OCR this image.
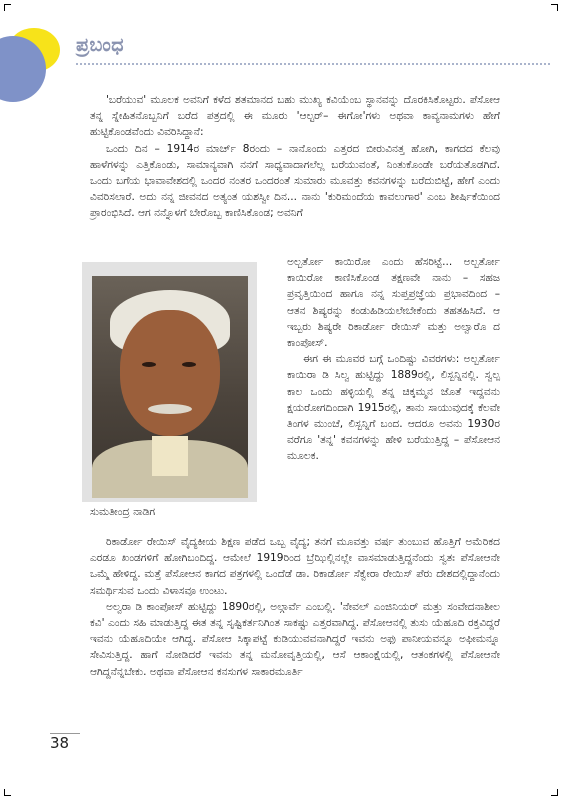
ಪ್ರಬಂಧ

'ಬರೆಯುವ' ಮೂಲಕ ಅವನಿಗೆ ಕಳೆದ ಶತಮಾನದ ಬಹು ಮುಖ್ಯ ಕವಿಯೆಂಬ ಸ್ಥಾನವನ್ನು ದೊರಕಿಸಿಕೊಟ್ಟರು. ಪೆಸೋಆ ತನ್ನ ಸ್ನೇಹಿತನೊಬ್ಬನಿಗೆ ಬರೆದ ಪತ್ರದಲ್ಲಿ ಈ ಮೂರು 'ಆಲ್ಟರ್– ಈಗೋ'ಗಳು ಅಥವಾ ಕಾವ್ಯನಾಮಗಳು ಹೇಗೆ ಹುಟ್ಟಿಕೊಂಡವೆಂದು ವಿವರಿಸಿದ್ದಾನೆ:

ಒಂದು ದಿನ – 1914ರ ಮಾರ್ಚ್ 8ರಂದು – ನಾನೊಂದು ಎತ್ತರದ ಬೀರುವಿನತ್ತ ಹೋಗಿ, ಕಾಗದದ ಕೆಲವು ಹಾಳೆಗಳನ್ನು ಎತ್ತಿಕೊಂಡು, ಸಾಮಾನ್ಯವಾಗಿ ನನಗೆ ಸಾಧ್ಯವಾದಾಗಲೆಲ್ಲ ಬರೆಯುವಂತೆ, ನಿಂತುಕೊಂಡೇ ಬರೆಯತೊಡಗಿದೆ. ಒಂದು ಬಗೆಯ ಭಾವಾವೇಶದಲ್ಲಿ ಒಂದರ ನಂತರ ಒಂದರಂತೆ ಸುಮಾರು ಮೂವತ್ತು ಕವನಗಳನ್ನು ಬರೆದುಬಿಟ್ಟೆ, ಹೇಗೆ ಎಂದು ವಿವರಿಸಲಾರೆ. ಅದು ನನ್ನ ಜೀವನದ ಅತ್ಯಂತ ಯಶಸ್ವೀ ದಿನ... ನಾನು 'ಕುರಿಮಂದೆಯ ಕಾವಲುಗಾರ' ಎಂಬ ಶೀರ್ಷಿಕೆಯಿಂದ ಪ್ರಾರಂಭಿಸಿದೆ. ಆಗ ನನ್ನೊಳಗೆ ಬೇರೊಬ್ಬ ಕಾಣಿಸಿಕೊಂಡ; ಅವನಿಗೆ

ಸುಮತೀಂದ್ರ ನಾಡಿಗ

ಅಲ್ಬರ್ತೋ ಕಾಯಿರೋ ಎಂದು ಹೆಸರಿಟ್ಟೆ... ಅಲ್ಬರ್ತೋ ಕಾಯಿರೋ ಕಾಣಿಸಿಕೊಂಡ ತಕ್ಷಣವೇ ನಾನು – ಸಹಜ ಪ್ರವೃತ್ತಿಯಿಂದ ಹಾಗೂ ನನ್ನ ಸುಪ್ತಪ್ರಜ್ಞೆಯ ಪ್ರಭಾವದಿಂದ – ಆತನ ಶಿಷ್ಯರನ್ನು ಕಂಡುಹಿಡಿಯಲೇಬೇಕೆಂದು ತಹತಹಿಸಿದೆ. ಆ ಇಬ್ಬರು ಶಿಷ್ಯರೇ ರಿಕಾರ್ಡೋ ರೇಯಿಸ್ ಮತ್ತು ಅಲ್ವಾರೊ ದ ಕಾಂಪೋಸ್.

ಈಗ ಈ ಮೂವರ ಬಗ್ಗೆ ಒಂದಿಷ್ಟು ವಿವರಗಳು: ಅಲ್ಬರ್ತೋ ಕಾಯಿರಾ ಡಿ ಸಿಲ್ವ ಹುಟ್ಟಿದ್ದು 1889ರಲ್ಲಿ, ಲಿಸ್ಬನ್ನಿನಲ್ಲಿ. ಸ್ವಲ್ಪ ಕಾಲ ಒಂದು ಹಳ್ಳಿಯಲ್ಲಿ ತನ್ನ ಚಿಕ್ಕಮ್ಮನ ಜೊತೆ ಇದ್ದವನು ಕ್ಷಯರೋಗದಿಂದಾಗಿ 1915ರಲ್ಲಿ, ತಾನು ಸಾಯುವುದಕ್ಕೆ ಕೆಲವೇ ತಿಂಗಳ ಮುಂಚೆ, ಲಿಸ್ಬನ್ನಿಗೆ ಬಂದ. ಆದರೂ ಅವನು 1930ರ ವರೆಗೂ 'ತನ್ನ' ಕವನಗಳನ್ನು ಹೇಳಿ ಬರೆಯುತ್ತಿದ್ದ – ಪೆಸೋಆನ ಮೂಲಕ.

ರಿಕಾರ್ಡೋ ರೇಯಿಸ್ ವೈದ್ಯಕೀಯ ಶಿಕ್ಷಣ ಪಡೆದ ಒಬ್ಬ ವೈದ್ಯ; ತನಗೆ ಮೂವತ್ತು ವರ್ಷ ತುಂಬುವ ಹೊತ್ತಿಗೆ ಅಮೆರಿಕದ ಎರಡೂ ಖಂಡಗಳಿಗೆ ಹೋಗಿಬಂದಿದ್ದ. ಆಮೇಲೆ 1919ರಿಂದ ಬ್ರೆಝಿಲ್ಲಿನಲ್ಲೇ ವಾಸಮಾಡುತ್ತಿದ್ದನೆಂದು ಸ್ವತಃ ಪೆಸೋಆನೇ ಒಮ್ಮೆ ಹೇಳಿದ್ದ. ಮತ್ತೆ ಪೆಸೋಆನ ಕಾಗದ ಪತ್ರಗಳಲ್ಲಿ ಒಂದೆಡೆ ಡಾ. ರಿಕಾರ್ಡೋ ಸೆಕ್ವೇರಾ ರೇಯಿಸ್ ಪೆರು ದೇಶದಲ್ಲಿದ್ದಾನೆಂದು ಸಮರ್ಥಿಸುವ ಒಂದು ವಿಳಾಸವೂ ಉಂಟು.

ಅಲ್ವರಾ ಡಿ ಕಾಂಪೋಸ್ ಹುಟ್ಟಿದ್ದು 1890ರಲ್ಲಿ, ಅಲ್ಗಾರ್ವೆ ಎಂಬಲ್ಲಿ. 'ನೇವಲ್ ಎಂಜಿನಿಯರ್ ಮತ್ತು ಸಂವೇದನಾಶೀಲ ಕವಿ' ಎಂದು ಸಹಿ ಮಾಡುತ್ತಿದ್ದ ಈತ ತನ್ನ ಸೃಷ್ಟಿಕರ್ತನಿಗಿಂತ ಸಾಕಷ್ಟು ಎತ್ತರವಾಗಿದ್ದ. ಪೆಸೋಆನಲ್ಲಿ ತುಸು ಯೆಹೂದಿ ರಕ್ತವಿದ್ದರೆ ಇವನು ಯೆಹೂದಿಯೇ ಆಗಿದ್ದ. ಪೆಸೋಆ ಸಿಕ್ಕಾಪಟ್ಟೆ ಕುಡಿಯುವವನಾಗಿದ್ದರೆ ಇವನು ಅಫು ಪಾನೀಯವನ್ನೂ ಅಫೀಮನ್ನೂ ಸೇವಿಸುತ್ತಿದ್ದ. ಹಾಗೆ ನೋಡಿದರೆ ಇವನು ತನ್ನ ಮನೋವೃತ್ತಿಯಲ್ಲಿ, ಆಸೆ ಆಕಾಂಕ್ಷೆಯಲ್ಲಿ, ಆತಂಕಗಳಲ್ಲಿ ಪೆಸೋಆನೇ ಆಗಿದ್ದನೆನ್ನಬೇಕು. ಅಥವಾ ಪೆಸೋಆನ ಕನಸುಗಳ ಸಾಕಾರಮೂರ್ತಿ

38
